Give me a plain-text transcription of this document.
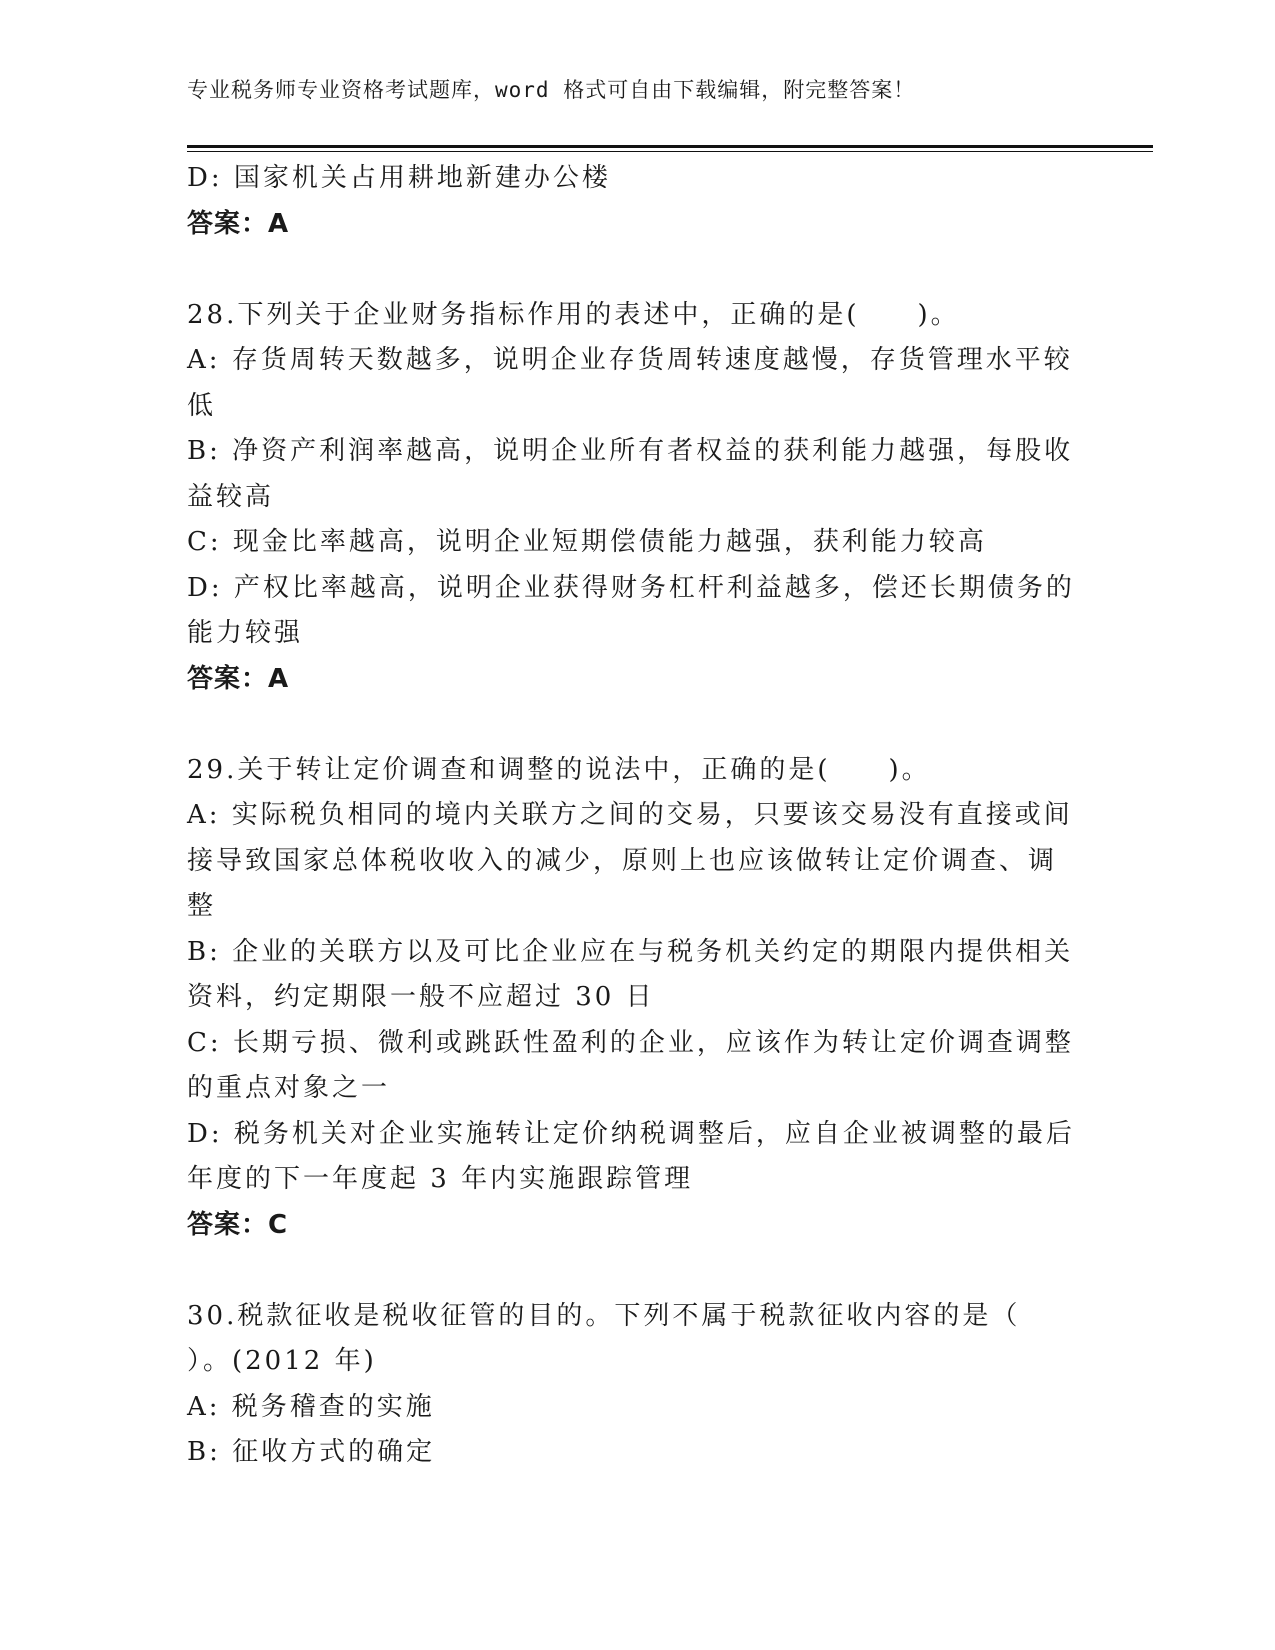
专业税务师专业资格考试题库，word 格式可自由下载编辑，附完整答案！
D: 国家机关占用耕地新建办公楼
答案：A
28.下列关于企业财务指标作用的表述中，正确的是(　　)。
A: 存货周转天数越多，说明企业存货周转速度越慢，存货管理水平较
低
B: 净资产利润率越高，说明企业所有者权益的获利能力越强，每股收
益较高
C: 现金比率越高，说明企业短期偿债能力越强，获利能力较高
D: 产权比率越高，说明企业获得财务杠杆利益越多，偿还长期债务的
能力较强
答案：A
29.关于转让定价调查和调整的说法中，正确的是(　　)。
A: 实际税负相同的境内关联方之间的交易，只要该交易没有直接或间
接导致国家总体税收收入的减少，原则上也应该做转让定价调查、调
整
B: 企业的关联方以及可比企业应在与税务机关约定的期限内提供相关
资料，约定期限一般不应超过 30 日
C: 长期亏损、微利或跳跃性盈利的企业，应该作为转让定价调查调整
的重点对象之一
D: 税务机关对企业实施转让定价纳税调整后，应自企业被调整的最后
年度的下一年度起 3 年内实施跟踪管理
答案：C
30.税款征收是税收征管的目的。下列不属于税款征收内容的是（
）。(2012 年)
A: 税务稽查的实施
B: 征收方式的确定
